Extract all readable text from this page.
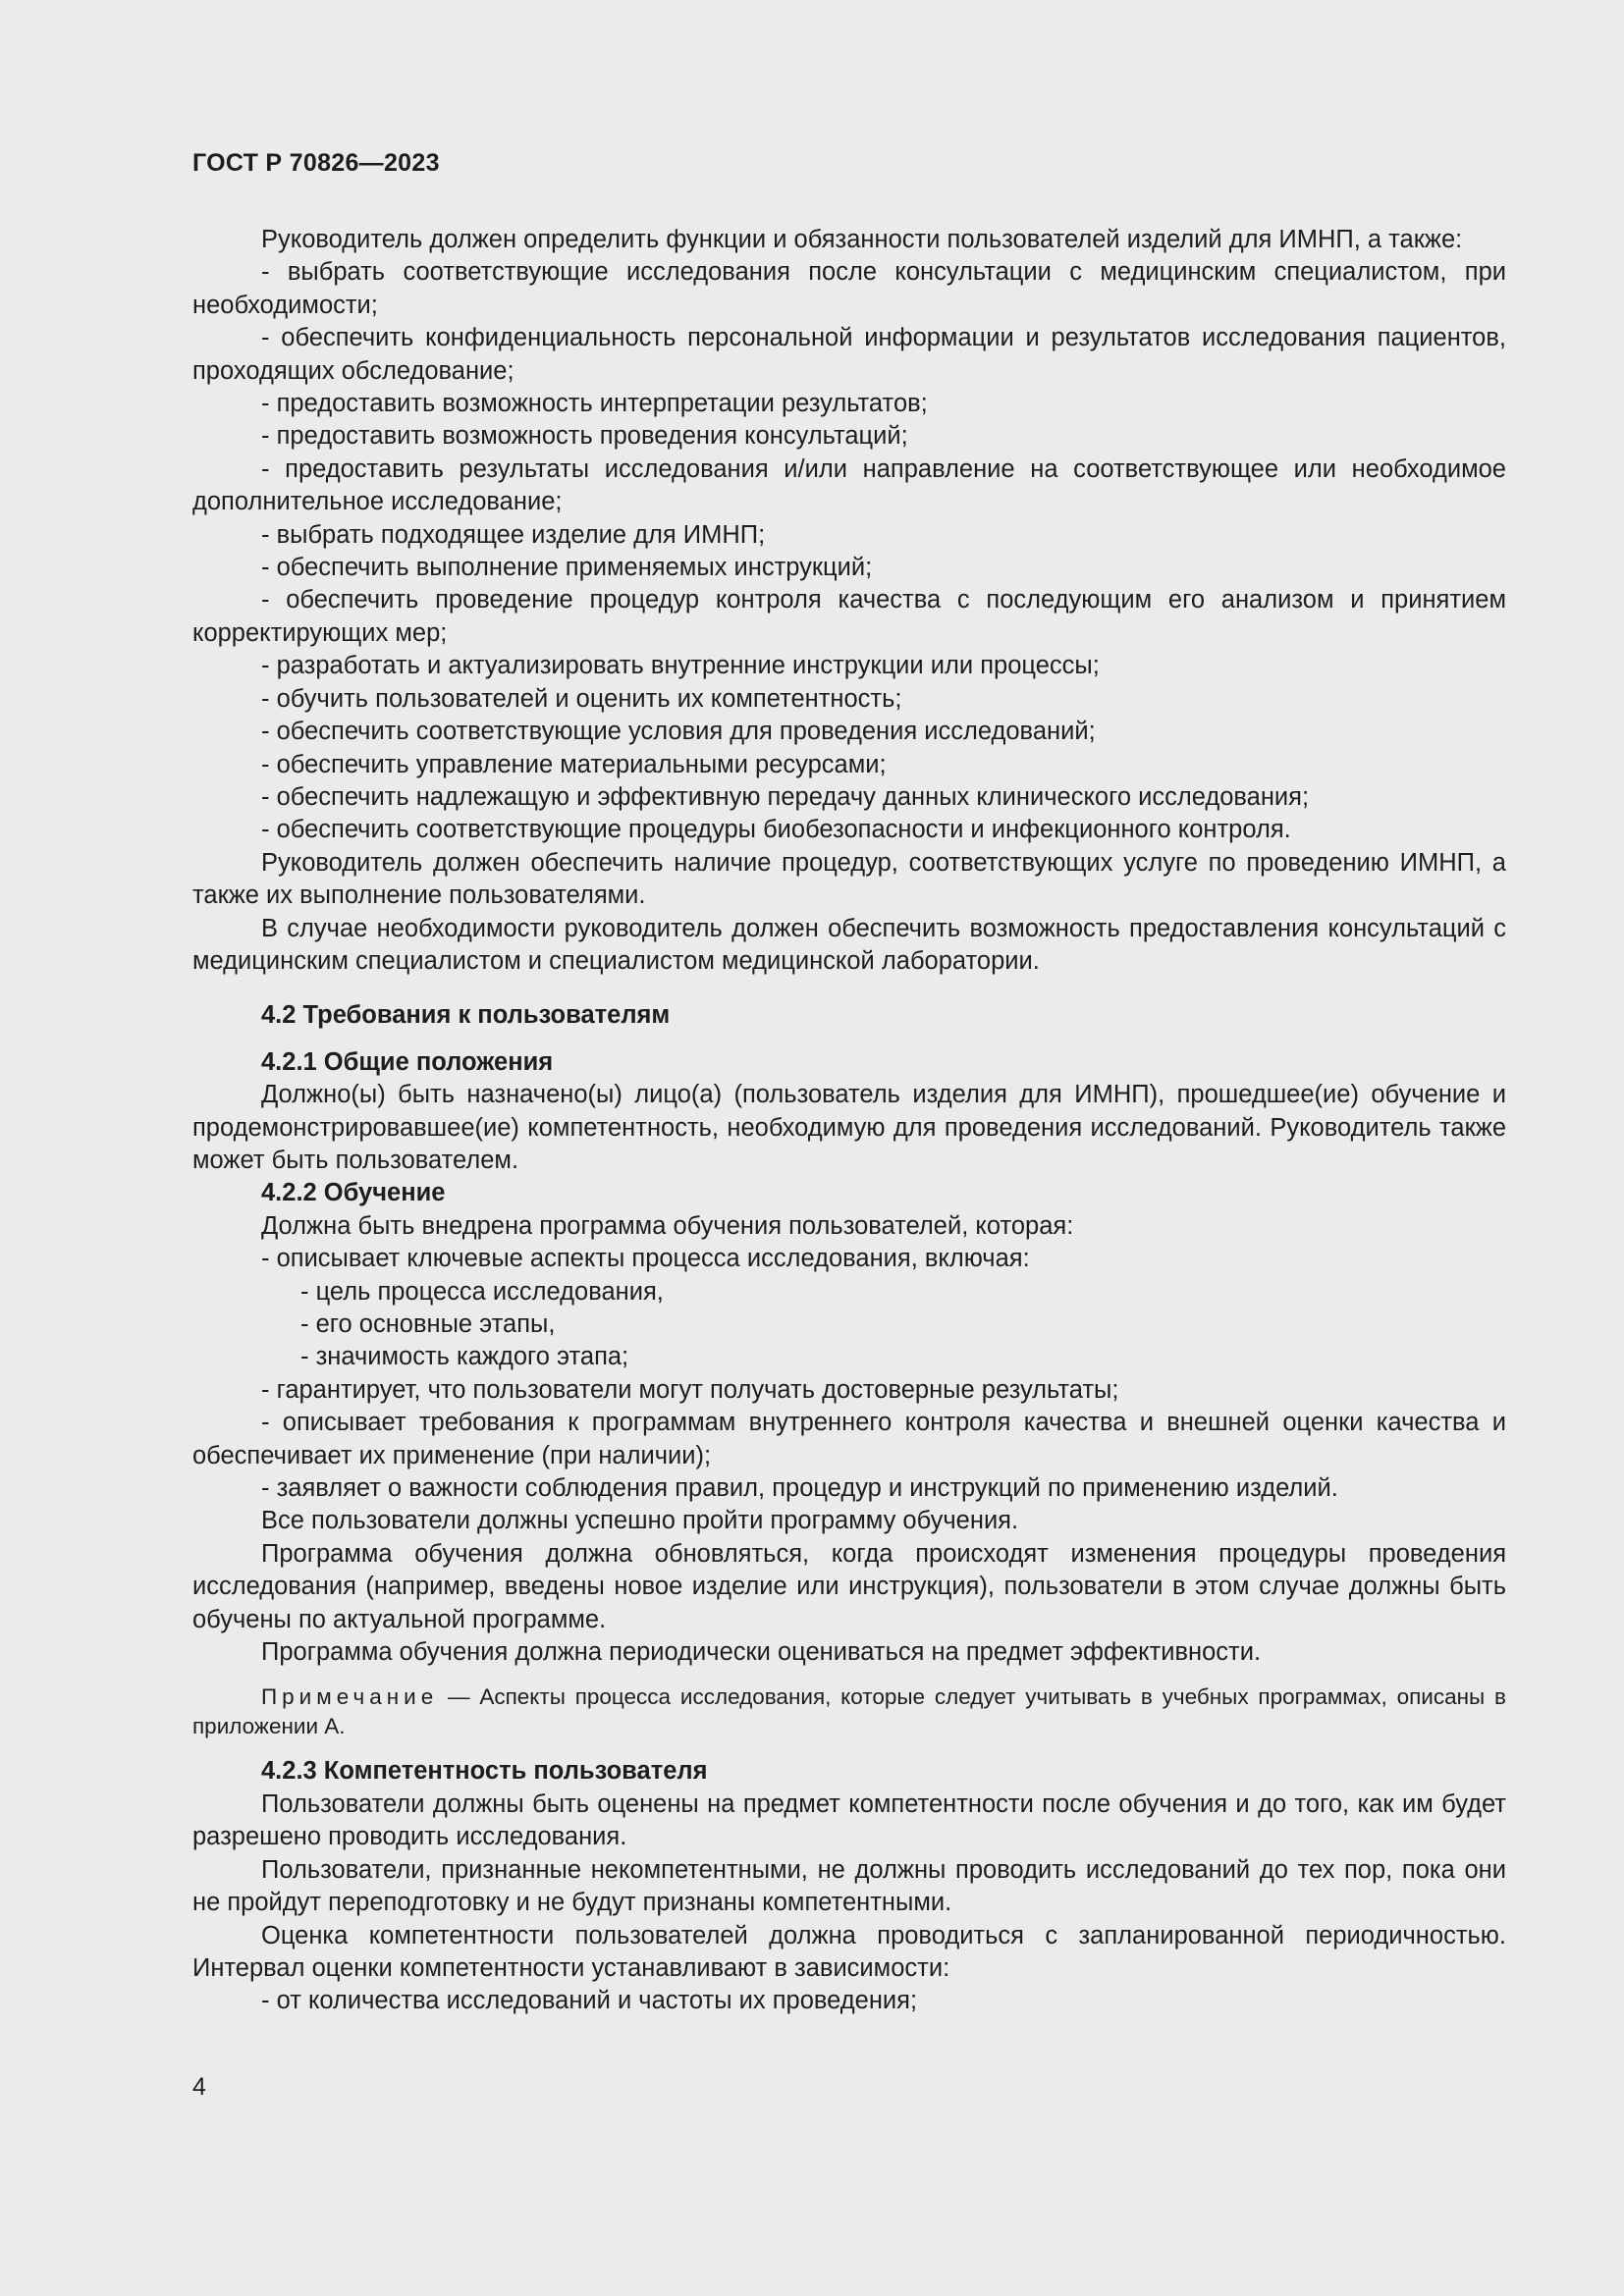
ГОСТ Р 70826—2023

Руководитель должен определить функции и обязанности пользователей изделий для ИМНП, а также:

- выбрать соответствующие исследования после консультации с медицинским специалистом, при необходимости;

- обеспечить конфиденциальность персональной информации и результатов исследования пациентов, проходящих обследование;

- предоставить возможность интерпретации результатов;

- предоставить возможность проведения консультаций;

- предоставить результаты исследования и/или направление на соответствующее или необходимое дополнительное исследование;

- выбрать подходящее изделие для ИМНП;

- обеспечить выполнение применяемых инструкций;

- обеспечить проведение процедур контроля качества с последующим его анализом и принятием корректирующих мер;

- разработать и актуализировать внутренние инструкции или процессы;

- обучить пользователей и оценить их компетентность;

- обеспечить соответствующие условия для проведения исследований;

- обеспечить управление материальными ресурсами;

- обеспечить надлежащую и эффективную передачу данных клинического исследования;

- обеспечить соответствующие процедуры биобезопасности и инфекционного контроля.

Руководитель должен обеспечить наличие процедур, соответствующих услуге по проведению ИМНП, а также их выполнение пользователями.

В случае необходимости руководитель должен обеспечить возможность предоставления консультаций с медицинским специалистом и специалистом медицинской лаборатории.

4.2 Требования к пользователям

4.2.1 Общие положения

Должно(ы) быть назначено(ы) лицо(а) (пользователь изделия для ИМНП), прошедшее(ие) обучение и продемонстрировавшее(ие) компетентность, необходимую для проведения исследований. Руководитель также может быть пользователем.

4.2.2 Обучение

Должна быть внедрена программа обучения пользователей, которая:

- описывает ключевые аспекты процесса исследования, включая:

- цель процесса исследования,

- его основные этапы,

- значимость каждого этапа;

- гарантирует, что пользователи могут получать достоверные результаты;

- описывает требования к программам внутреннего контроля качества и внешней оценки качества и обеспечивает их применение (при наличии);

- заявляет о важности соблюдения правил, процедур и инструкций по применению изделий.

Все пользователи должны успешно пройти программу обучения.

Программа обучения должна обновляться, когда происходят изменения процедуры проведения исследования (например, введены новое изделие или инструкция), пользователи в этом случае должны быть обучены по актуальной программе.

Программа обучения должна периодически оцениваться на предмет эффективности.

Примечание — Аспекты процесса исследования, которые следует учитывать в учебных программах, описаны в приложении А.

4.2.3 Компетентность пользователя

Пользователи должны быть оценены на предмет компетентности после обучения и до того, как им будет разрешено проводить исследования.

Пользователи, признанные некомпетентными, не должны проводить исследований до тех пор, пока они не пройдут переподготовку и не будут признаны компетентными.

Оценка компетентности пользователей должна проводиться с запланированной периодичностью. Интервал оценки компетентности устанавливают в зависимости:

- от количества исследований и частоты их проведения;

4
